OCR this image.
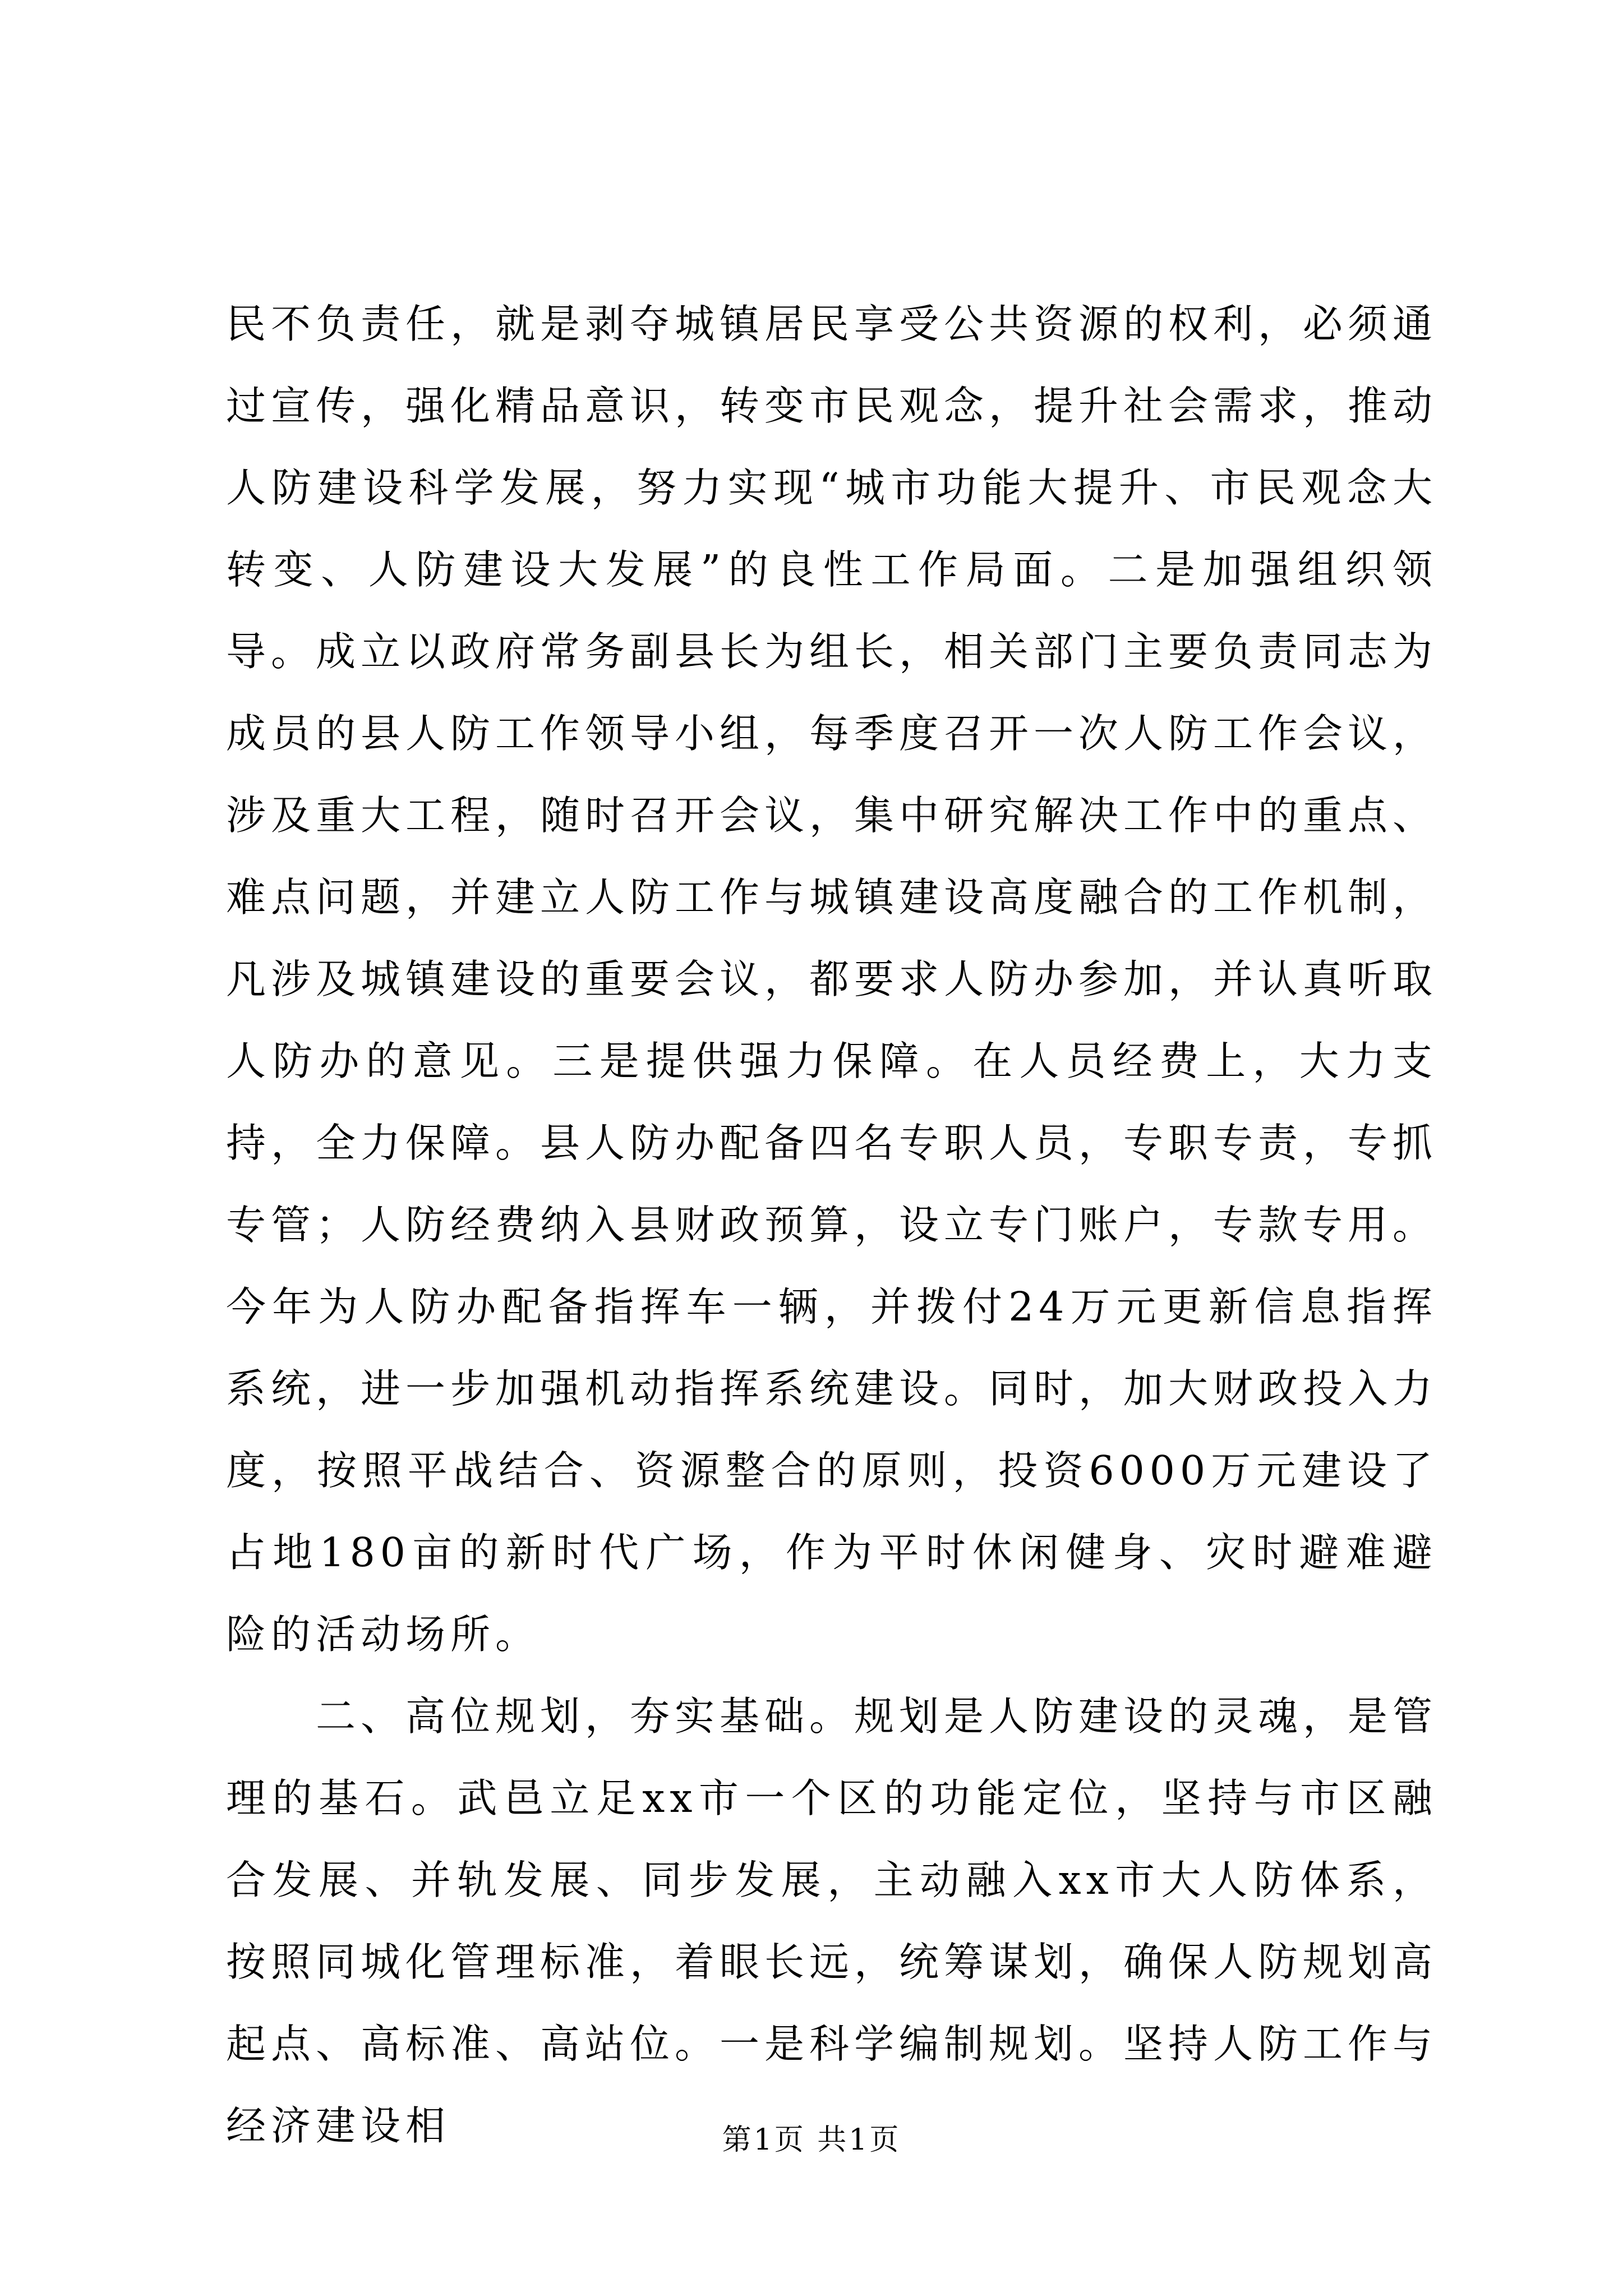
民不负责任，就是剥夺城镇居民享受公共资源的权利，必须通过宣传，强化精品意识，转变市民观念，提升社会需求，推动人防建设科学发展，努力实现“城市功能大提升、市民观念大转变、人防建设大发展”的良性工作局面。二是加强组织领导。成立以政府常务副县长为组长，相关部门主要负责同志为成员的县人防工作领导小组，每季度召开一次人防工作会议，涉及重大工程，随时召开会议，集中研究解决工作中的重点、难点问题，并建立人防工作与城镇建设高度融合的工作机制，凡涉及城镇建设的重要会议，都要求人防办参加，并认真听取人防办的意见。三是提供强力保障。在人员经费上，大力支持，全力保障。县人防办配备四名专职人员，专职专责，专抓专管；人防经费纳入县财政预算，设立专门账户，专款专用。今年为人防办配备指挥车一辆，并拨付24万元更新信息指挥系统，进一步加强机动指挥系统建设。同时，加大财政投入力度，按照平战结合、资源整合的原则，投资6000万元建设了占地180亩的新时代广场，作为平时休闲健身、灾时避难避险的活动场所。

二、高位规划，夯实基础。规划是人防建设的灵魂，是管理的基石。武邑立足xx市一个区的功能定位，坚持与市区融合发展、并轨发展、同步发展，主动融入xx市大人防体系，按照同城化管理标准，着眼长远，统筹谋划，确保人防规划高起点、高标准、高站位。一是科学编制规划。坚持人防工作与经济建设相	第1页 共1页
